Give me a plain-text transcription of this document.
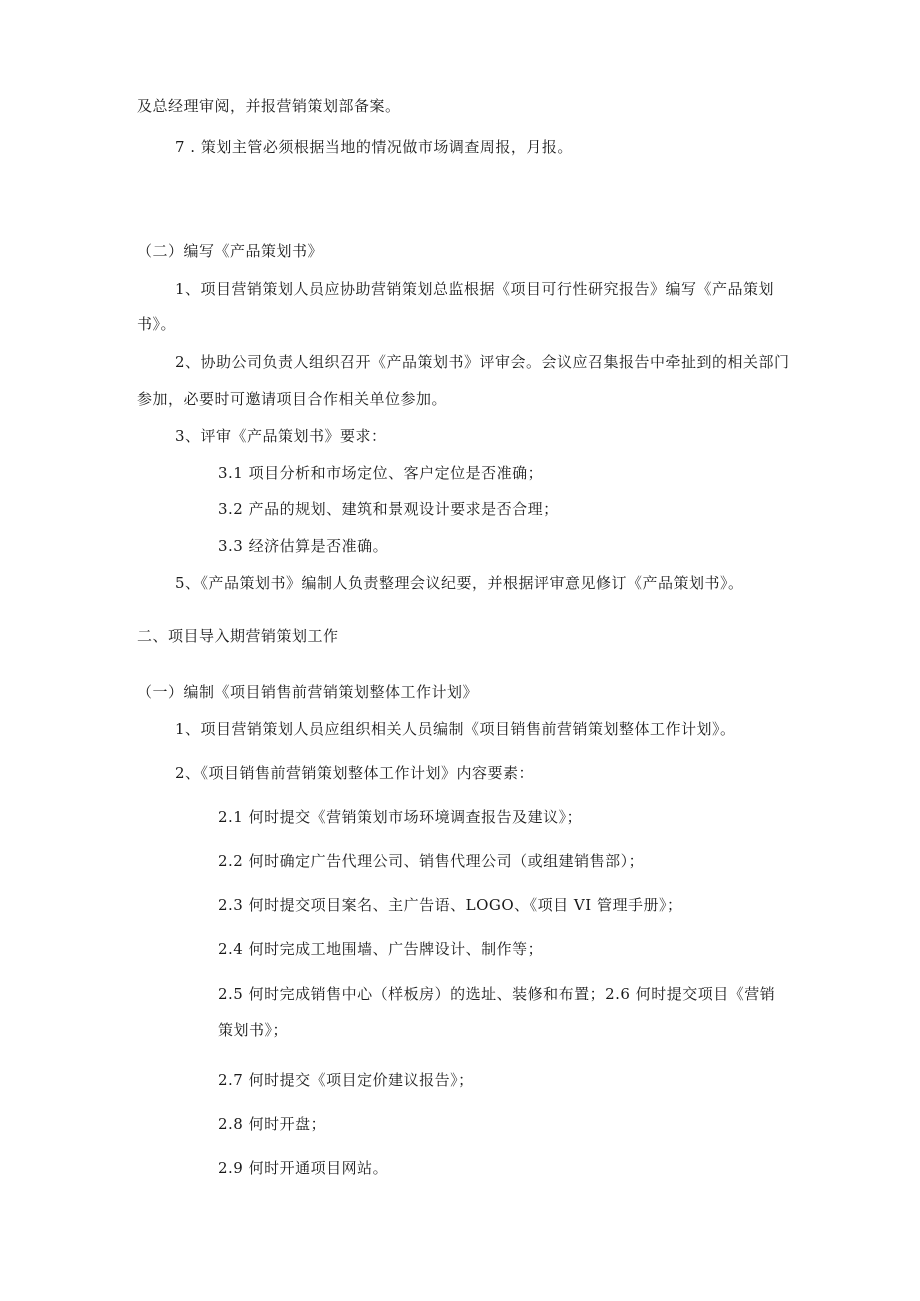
及总经理审阅，并报营销策划部备案。
7 . 策划主管必须根据当地的情况做市场调查周报，月报。
（二）编写《产品策划书》
1、项目营销策划人员应协助营销策划总监根据《项目可行性研究报告》编写《产品策划
书》。
2、协助公司负责人组织召开《产品策划书》评审会。会议应召集报告中牵扯到的相关部门
参加，必要时可邀请项目合作相关单位参加。
3、评审《产品策划书》要求：
3.1 项目分析和市场定位、客户定位是否准确；
3.2 产品的规划、建筑和景观设计要求是否合理；
3.3 经济估算是否准确。
5、《产品策划书》编制人负责整理会议纪要，并根据评审意见修订《产品策划书》。
二、项目导入期营销策划工作
（一）编制《项目销售前营销策划整体工作计划》
1、项目营销策划人员应组织相关人员编制《项目销售前营销策划整体工作计划》。
2、《项目销售前营销策划整体工作计划》内容要素：
2.1 何时提交《营销策划市场环境调查报告及建议》；
2.2 何时确定广告代理公司、销售代理公司（或组建销售部）；
2.3 何时提交项目案名、主广告语、LOGO、《项目 VI 管理手册》；
2.4 何时完成工地围墙、广告牌设计、制作等；
2.5 何时完成销售中心（样板房）的选址、装修和布置；2.6 何时提交项目《营销
策划书》；
2.7 何时提交《项目定价建议报告》；
2.8 何时开盘；
2.9 何时开通项目网站。
